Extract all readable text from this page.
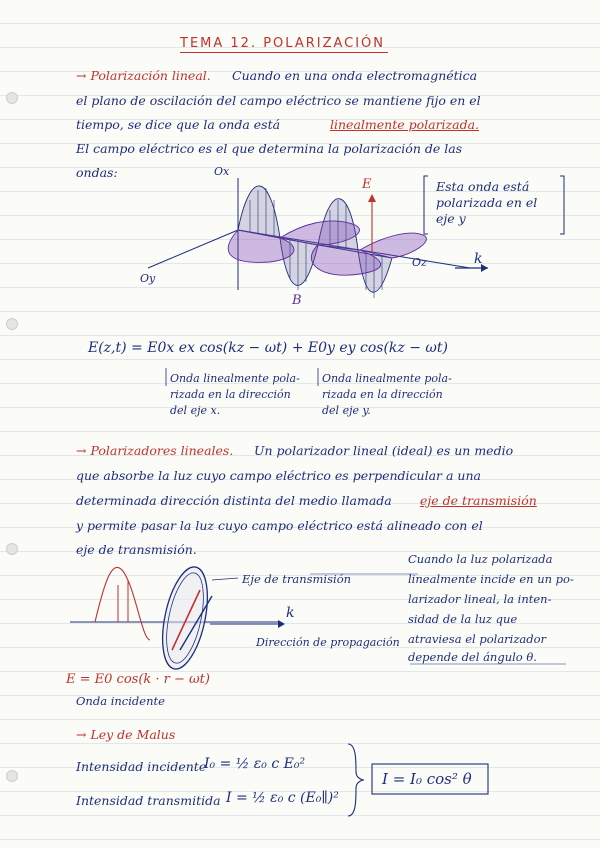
TEMA 12. POLARIZACIÓN
→ Polarización lineal. Cuando en una onda electromagnética
el plano de oscilación del campo eléctrico se mantiene fijo en el
tiempo, se dice que la onda está	linealmente polarizada.
El campo eléctrico es el que determina la polarización de las
ondas:	Ox
Oy
Oz	k
E
B
Esta onda está
polarizada en el
eje y
E(z,t) = E0x ex cos(kz − ωt) + E0y ey cos(kz − ωt)
Onda linealmente pola-
rizada en la dirección
del eje x.
Onda linealmente pola-
rizada en la dirección
del eje y.
→ Polarizadores lineales. Un polarizador lineal (ideal) es un medio
que absorbe la luz cuyo campo eléctrico es perpendicular a una
determinada dirección distinta del medio llamada eje de transmisión
y permite pasar la luz cuyo campo eléctrico está alineado con el
eje de transmisión.
Eje de transmisión
k
Dirección de propagación
Cuando la luz polarizada
linealmente incide en un po-
larizador lineal, la inten-
sidad de la luz que
atraviesa el polarizador
depende del ángulo θ.
E = E0 cos(k · r − ωt)
Onda incidente
→ Ley de Malus
Intensidad incidente
I₀ = ½ ε₀ c E₀²
Intensidad transmitida I = ½ ε₀ c (E₀∥)²
I = I₀ cos² θ
